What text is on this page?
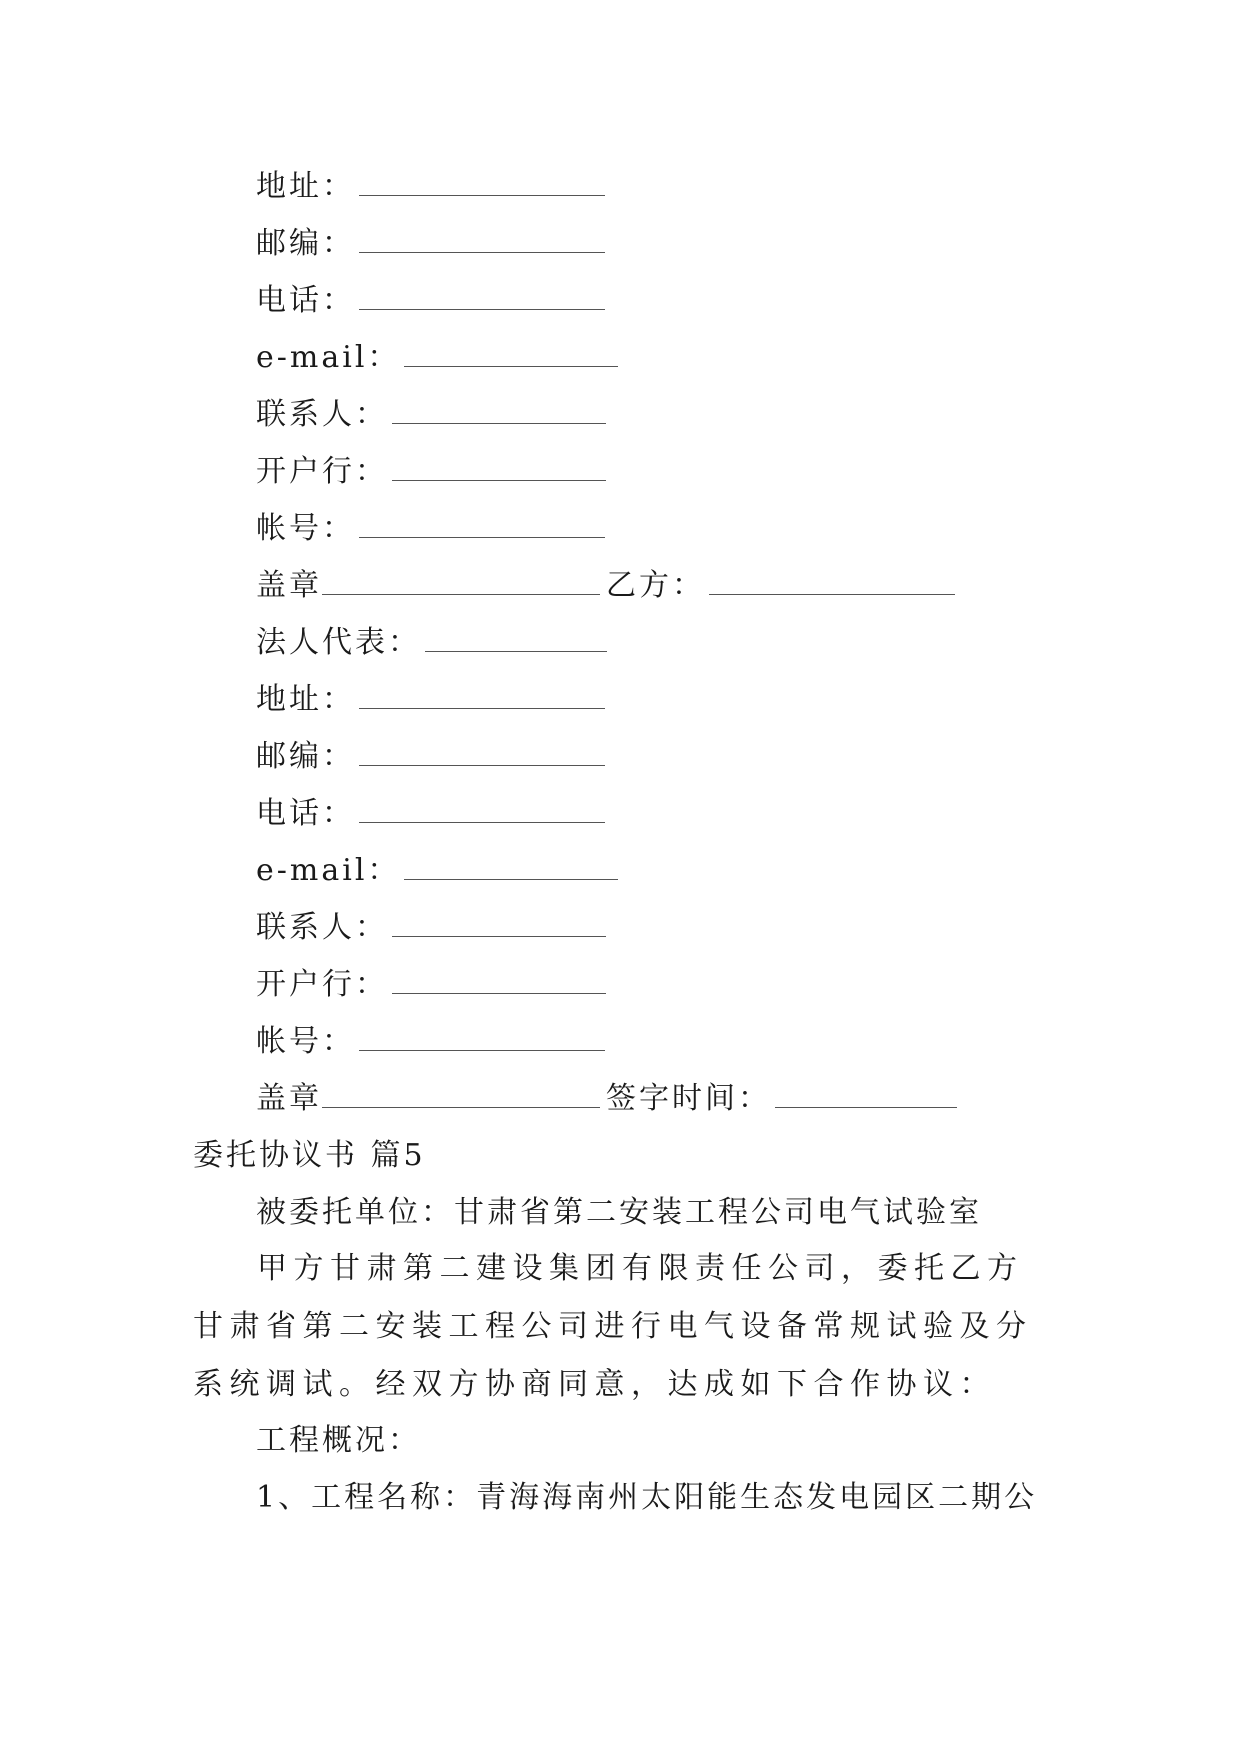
地址：
邮编：
电话：
e-mail：
联系人：
开户行：
帐号：
盖章	乙方：
法人代表：
地址：
邮编：
电话：
e-mail：
联系人：
开户行：
帐号：
盖章	签字时间：
委托协议书 篇5
被委托单位：甘肃省第二安装工程公司电气试验室
甲方甘肃第二建设集团有限责任公司，委托乙方甘肃省第二安装工程公司进行电气设备常规试验及分系统调试。经双方协商同意，达成如下合作协议：
工程概况：
1、工程名称：青海海南州太阳能生态发电园区二期公
